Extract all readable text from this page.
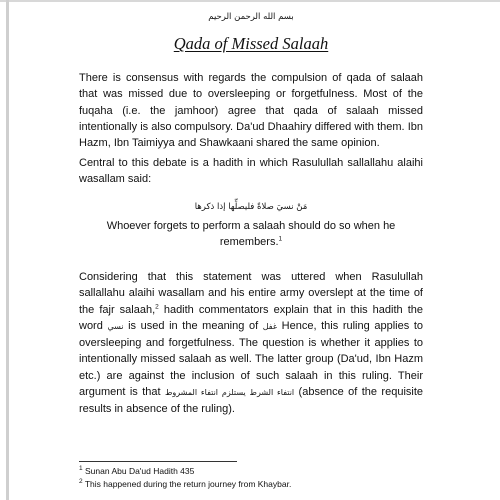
بسم الله الرحمن الرحيم
Qada of Missed Salaah
There is consensus with regards the compulsion of qada of salaah that was missed due to oversleeping or forgetfulness. Most of the fuqaha (i.e. the jamhoor) agree that qada of salaah missed intentionally is also compulsory. Da'ud Dhaahiry differed with them. Ibn Hazm, Ibn Taimiyya and Shawkaani shared the same opinion.
Central to this debate is a hadith in which Rasulullah sallallahu alaihi wasallam said:
مَنْ نسيَ صلاةً فليصلِّها إذا ذكرها
Whoever forgets to perform a salaah should do so when he remembers.$^1$
Considering that this statement was uttered when Rasulullah sallallahu alaihi wasallam and his entire army overslept at the time of the fajr salaah,$^2$ hadith commentators explain that in this hadith the word نسي is used in the meaning of غفل Hence, this ruling applies to oversleeping and forgetfulness. The question is whether it applies to intentionally missed salaah as well. The latter group (Da'ud, Ibn Hazm etc.) are against the inclusion of such salaah in this ruling. Their argument is that انتفاء الشرط يستلزم انتفاء المشروط (absence of the requisite results in absence of the ruling).
$^1$ Sunan Abu Da'ud Hadith 435
$^2$ This happened during the return journey from Khaybar.
